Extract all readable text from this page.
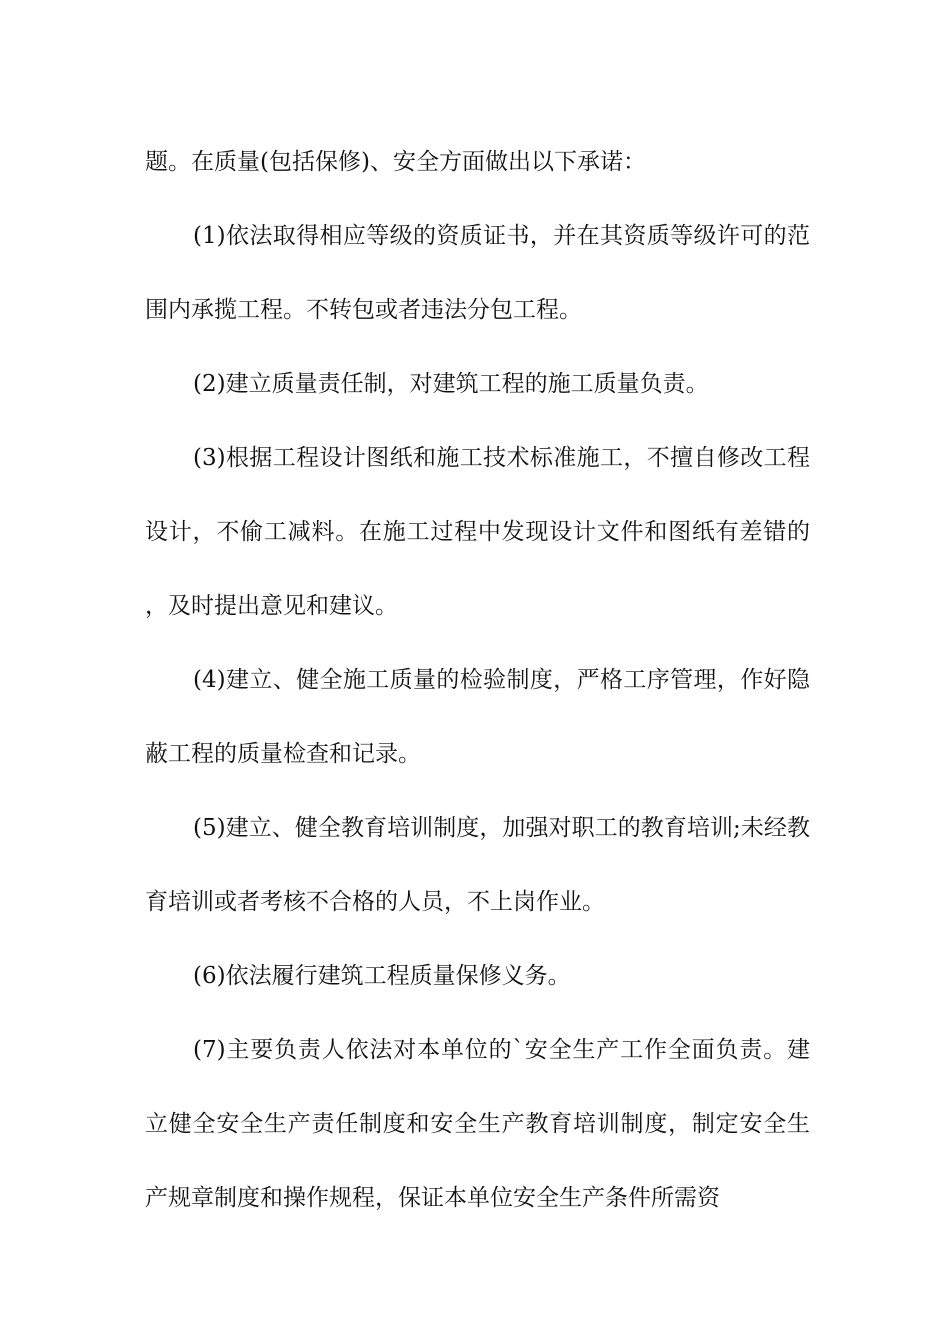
题。在质量(包括保修)、安全方面做出以下承诺：

(1)依法取得相应等级的资质证书，并在其资质等级许可的范围内承揽工程。不转包或者违法分包工程。

(2)建立质量责任制，对建筑工程的施工质量负责。

(3)根据工程设计图纸和施工技术标准施工，不擅自修改工程设计，不偷工减料。在施工过程中发现设计文件和图纸有差错的，及时提出意见和建议。

(4)建立、健全施工质量的检验制度，严格工序管理，作好隐蔽工程的质量检查和记录。

(5)建立、健全教育培训制度，加强对职工的教育培训;未经教育培训或者考核不合格的人员，不上岗作业。

(6)依法履行建筑工程质量保修义务。

(7)主要负责人依法对本单位的`安全生产工作全面负责。建立健全安全生产责任制度和安全生产教育培训制度，制定安全生产规章制度和操作规程，保证本单位安全生产条件所需资
